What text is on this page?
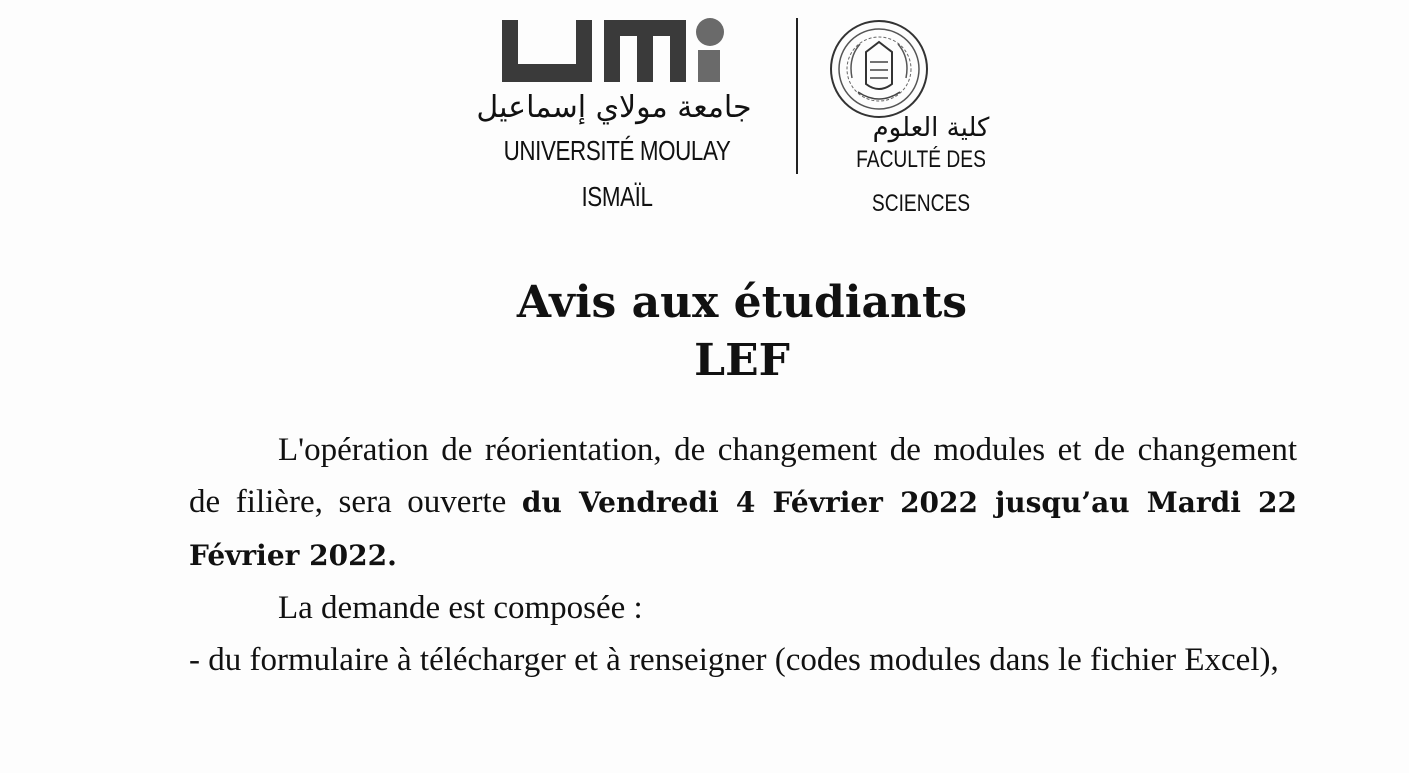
جامعة مولاي إسماعيل
UNIVERSITÉ MOULAY ISMAÏL
كلية العلوم
FACULTÉ DES SCIENCES
Avis aux étudiants
LEF

L'opération de réorientation, de changement de modules et de changement de filière, sera ouverte du Vendredi 4 Février 2022 jusqu’au Mardi 22 Février 2022.

La demande est composée :

- du formulaire à télécharger et à renseigner (codes modules dans le fichier Excel),
